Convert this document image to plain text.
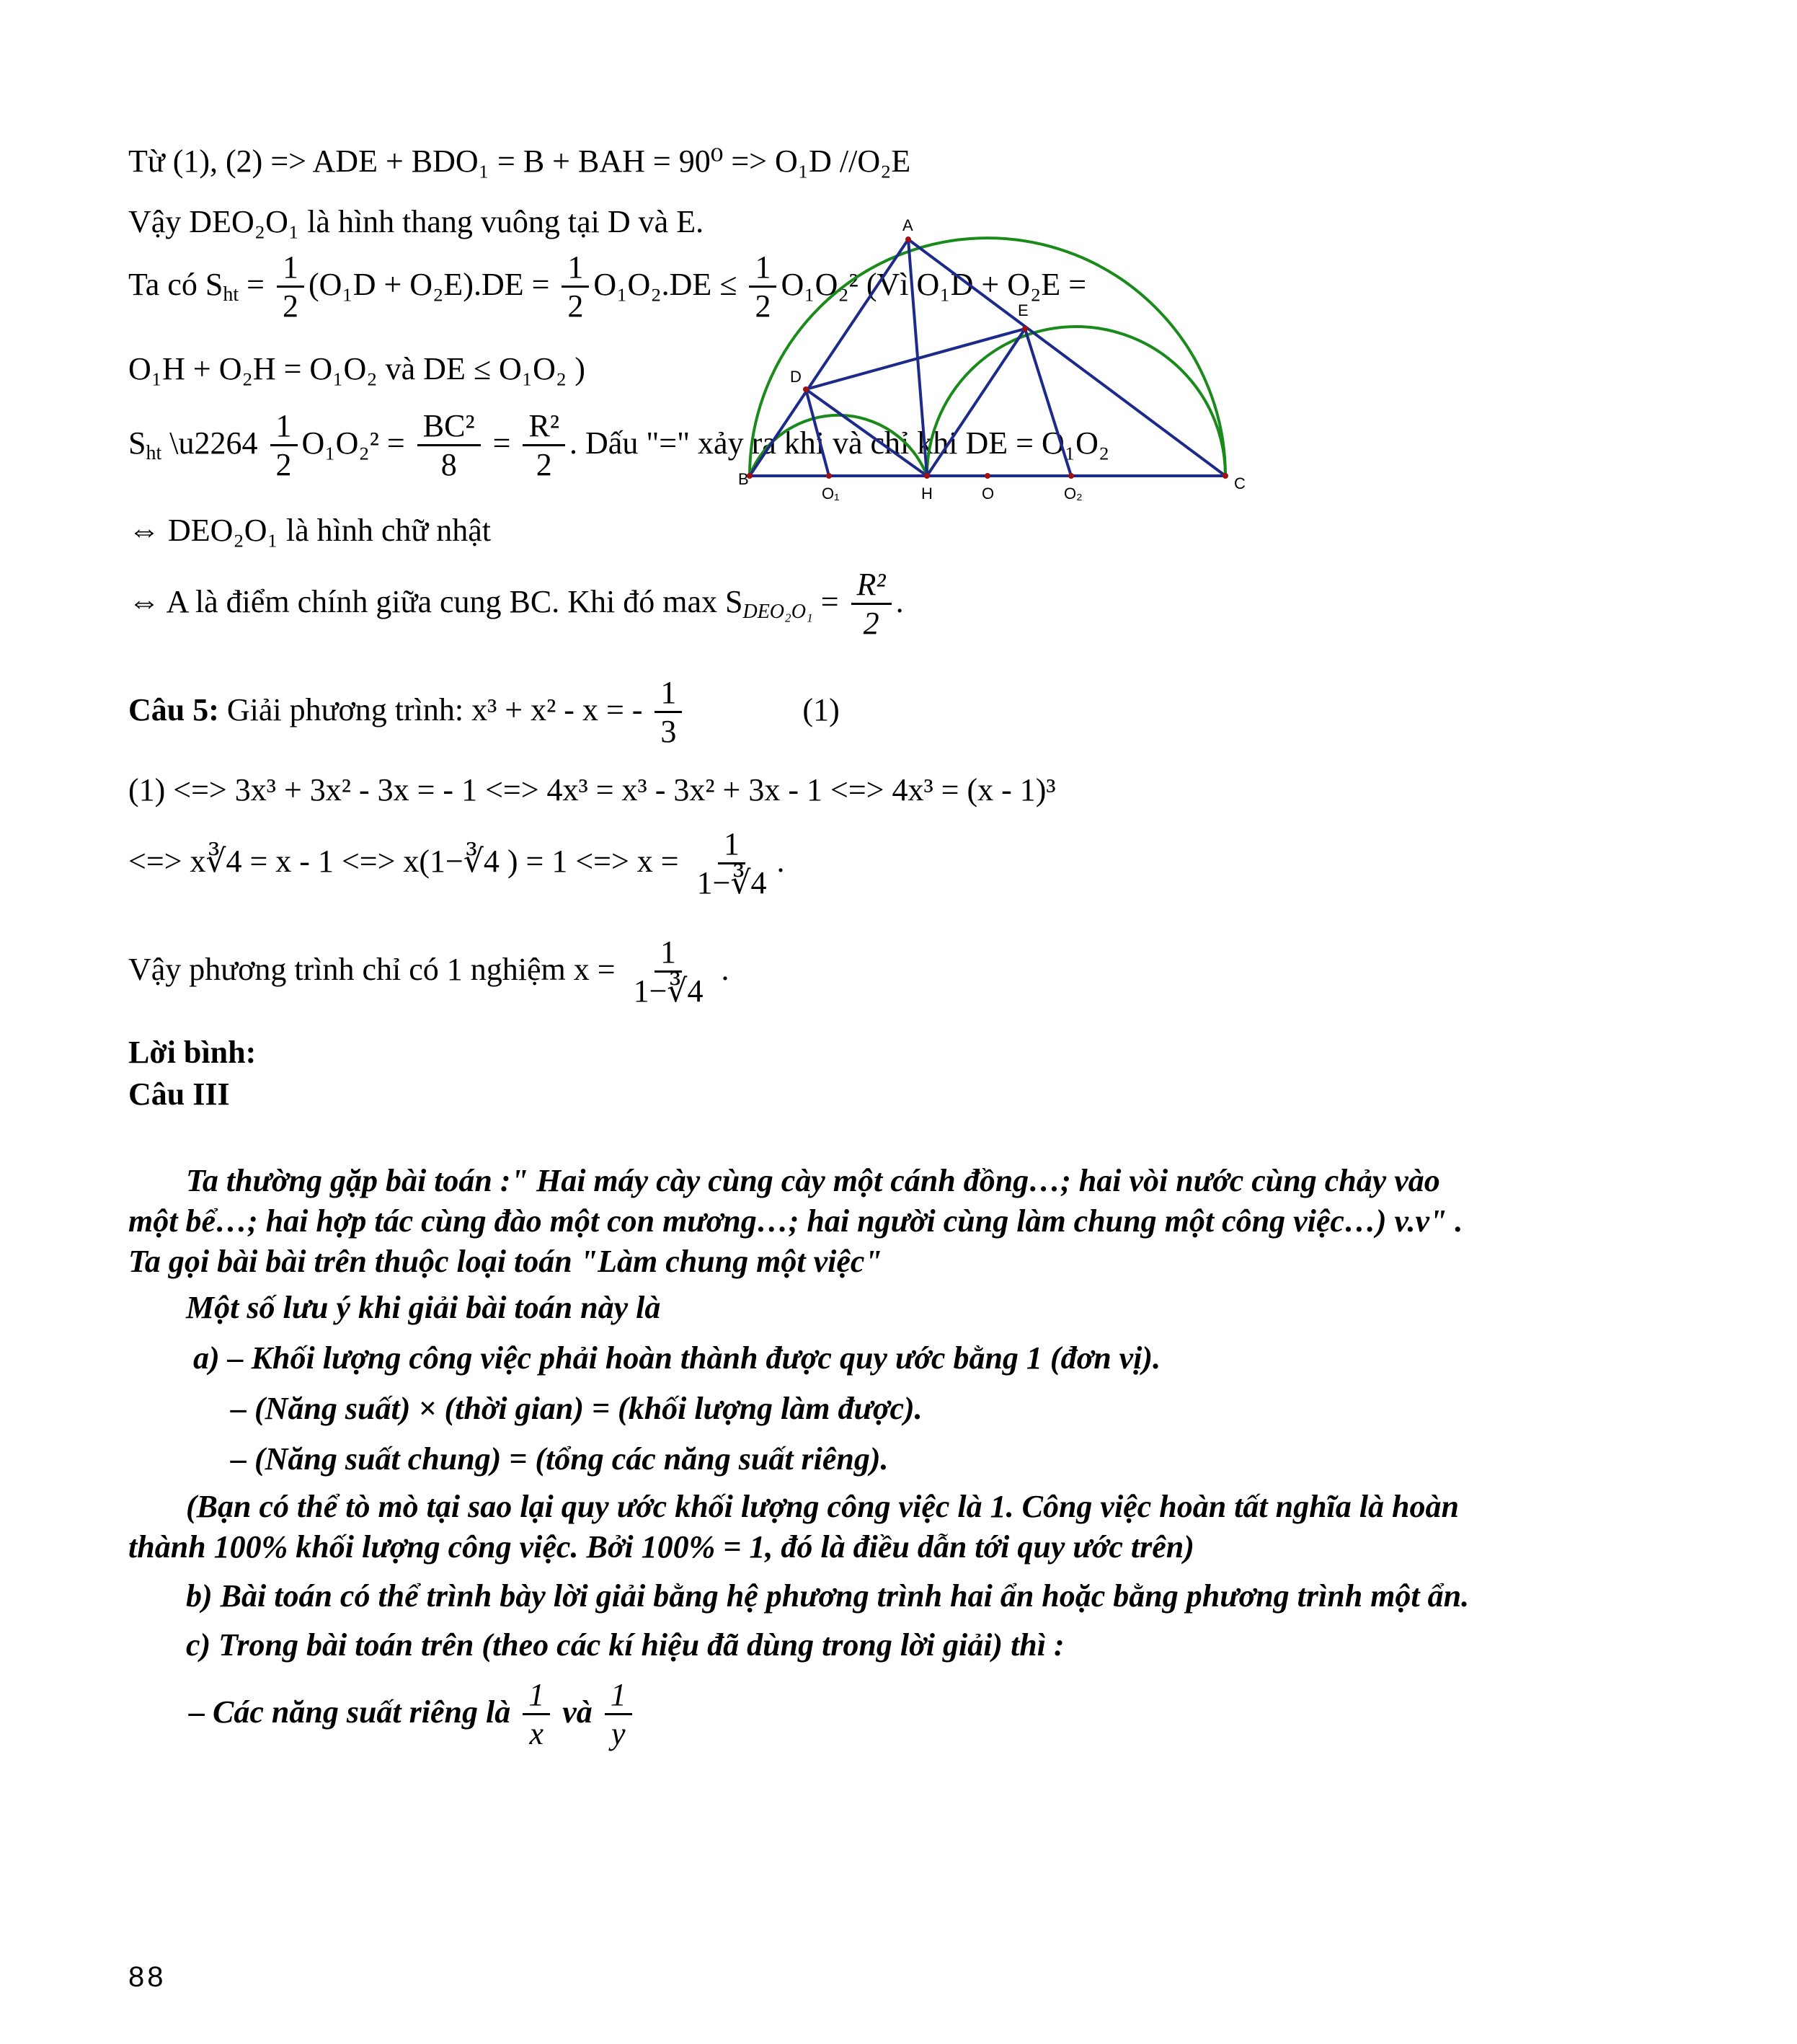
Từ (1), (2) => ADE + BDO₁ = B + BAH = 90⁰ => O₁D //O₂E
Vậy DEO₂O₁ là hình thang vuông tại D và E.
Ta có $S_{ht} = \frac{1}{2} (O_1D + O_2E).DE = \frac{1}{2} O_1O_2.DE \le \frac{1}{2} O_1O_2^2$ (Vì O₁D + O₂E =
O₁H + O₂H = O₁O₂ và DE ≤ O₁O₂ )
$S_{ht}$ \u2264 $\frac{1}{2} O_1O_2^2 = \frac{\text{BC²}}{8} = \frac{\text{R²}}{2}$ . Dấu "=" xảy ra khi và chỉ khi DE = O₁O₂
⇔ DEO₂O₁ là hình chữ nhật
⇔ A là điểm chính giữa cung BC. Khi đó $\max S_{DEO_2O_1} = \frac{\text{R²}}{2}$ .
Câu 5: Giải phương trình: x³ + x² - x = - $\frac{1}{3}$	(1)
(1) <=> 3x³ + 3x² - 3x = - 1 <=> 4x³ = x³ - 3x² + 3x - 1 <=> 4x³ = (x - 1)³
<=> x∛4 = x - 1 <=> x(1−∛4 ) = 1 <=> $x = \frac{1}{1-∛4}$ .
Vậy phương trình chỉ có 1 nghiệm $x = \frac{1}{1-∛4}$ .
Lời bình:
Câu III
Ta thường gặp bài toán :" Hai máy cày cùng cày một cánh đồng…; hai vòi nước cùng chảy vào
một bể…; hai hợp tác cùng đào một con mương…; hai người cùng làm chung một công việc…) v.v" .
Ta gọi bài bài trên thuộc loại toán "Làm chung một việc"
Một số lưu ý khi giải bài toán này là
a) – Khối lượng công việc phải hoàn thành được quy ước bằng 1 (đơn vị).
– (Năng suất) × (thời gian) = (khối lượng làm được).
– (Năng suất chung) = (tổng các năng suất riêng).
(Bạn có thể tò mò tại sao lại quy ước khối lượng công việc là 1. Công việc hoàn tất nghĩa là hoàn
thành 100% khối lượng công việc. Bởi 100% = 1, đó là điều dẫn tới quy ước trên)
b) Bài toán có thể trình bày lời giải bằng hệ phương trình hai ẩn hoặc bằng phương trình một ẩn.
c) Trong bài toán trên (theo các kí hiệu đã dùng trong lời giải) thì :
– Các năng suất riêng là $\frac{1}{x}$ và $\frac{1}{y}$
A
D
E
B
O₁	H	O	O₂
C
88
